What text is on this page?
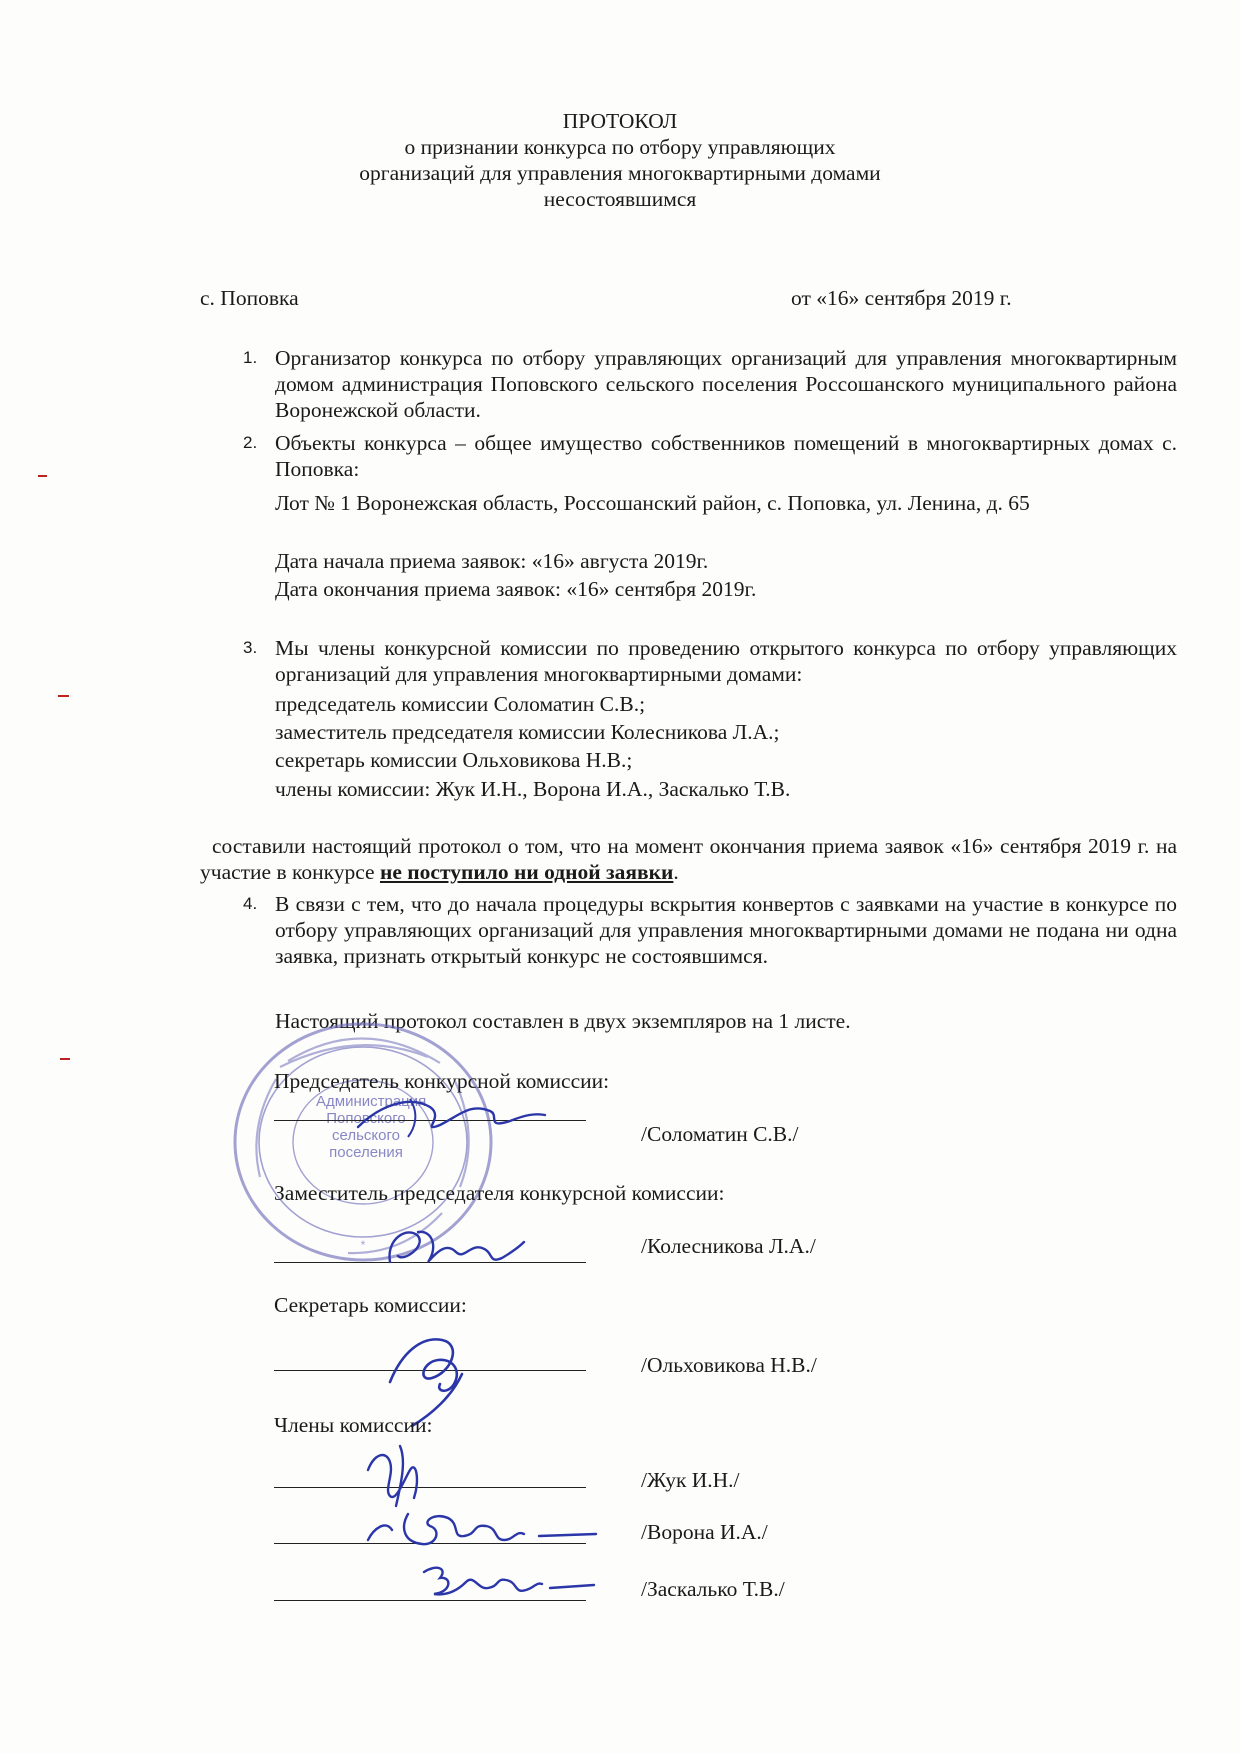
ПРОТОКОЛ
о признании конкурса по отбору управляющих
организаций для управления многоквартирными домами
несостоявшимся
с. Поповка	от «16» сентября 2019 г.
1. Организатор конкурса по отбору управляющих организаций для управления многоквартирным домом администрация Поповского сельского поселения Россошанского муниципального района Воронежской области.
2. Объекты конкурса – общее имущество собственников помещений в многоквартирных домах с. Поповка:
Лот № 1 Воронежская область, Россошанский район, с. Поповка, ул. Ленина, д. 65
Дата начала приема заявок: «16» августа 2019г.
Дата окончания приема заявок: «16» сентября 2019г.
3. Мы члены конкурсной комиссии по проведению открытого конкурса по отбору управляющих организаций для управления многоквартирными домами:
председатель комиссии Соломатин С.В.;
заместитель председателя комиссии Колесникова Л.А.;
секретарь комиссии Ольховикова Н.В.;
члены комиссии: Жук И.Н., Ворона И.А., Заскалько Т.В.
составили настоящий протокол о том, что на момент окончания приема заявок «16» сентября 2019 г. на участие в конкурсе не поступило ни одной заявки.
4. В связи с тем, что до начала процедуры вскрытия конвертов с заявками на участие в конкурсе по отбору управляющих организаций для управления многоквартирными домами не подана ни одна заявка, признать открытый конкурс не состоявшимся.
Настоящий протокол составлен в двух экземпляров на 1 листе.
*
Администрация
Поповского
сельского
поселения
Председатель конкурсной комиссии:
/Соломатин С.В./
Заместитель председателя конкурсной комиссии:
/Колесникова Л.А./
Секретарь комиссии:
/Ольховикова Н.В./
Члены комиссии:
/Жук И.Н./
/Ворона И.А./
/Заскалько Т.В./
